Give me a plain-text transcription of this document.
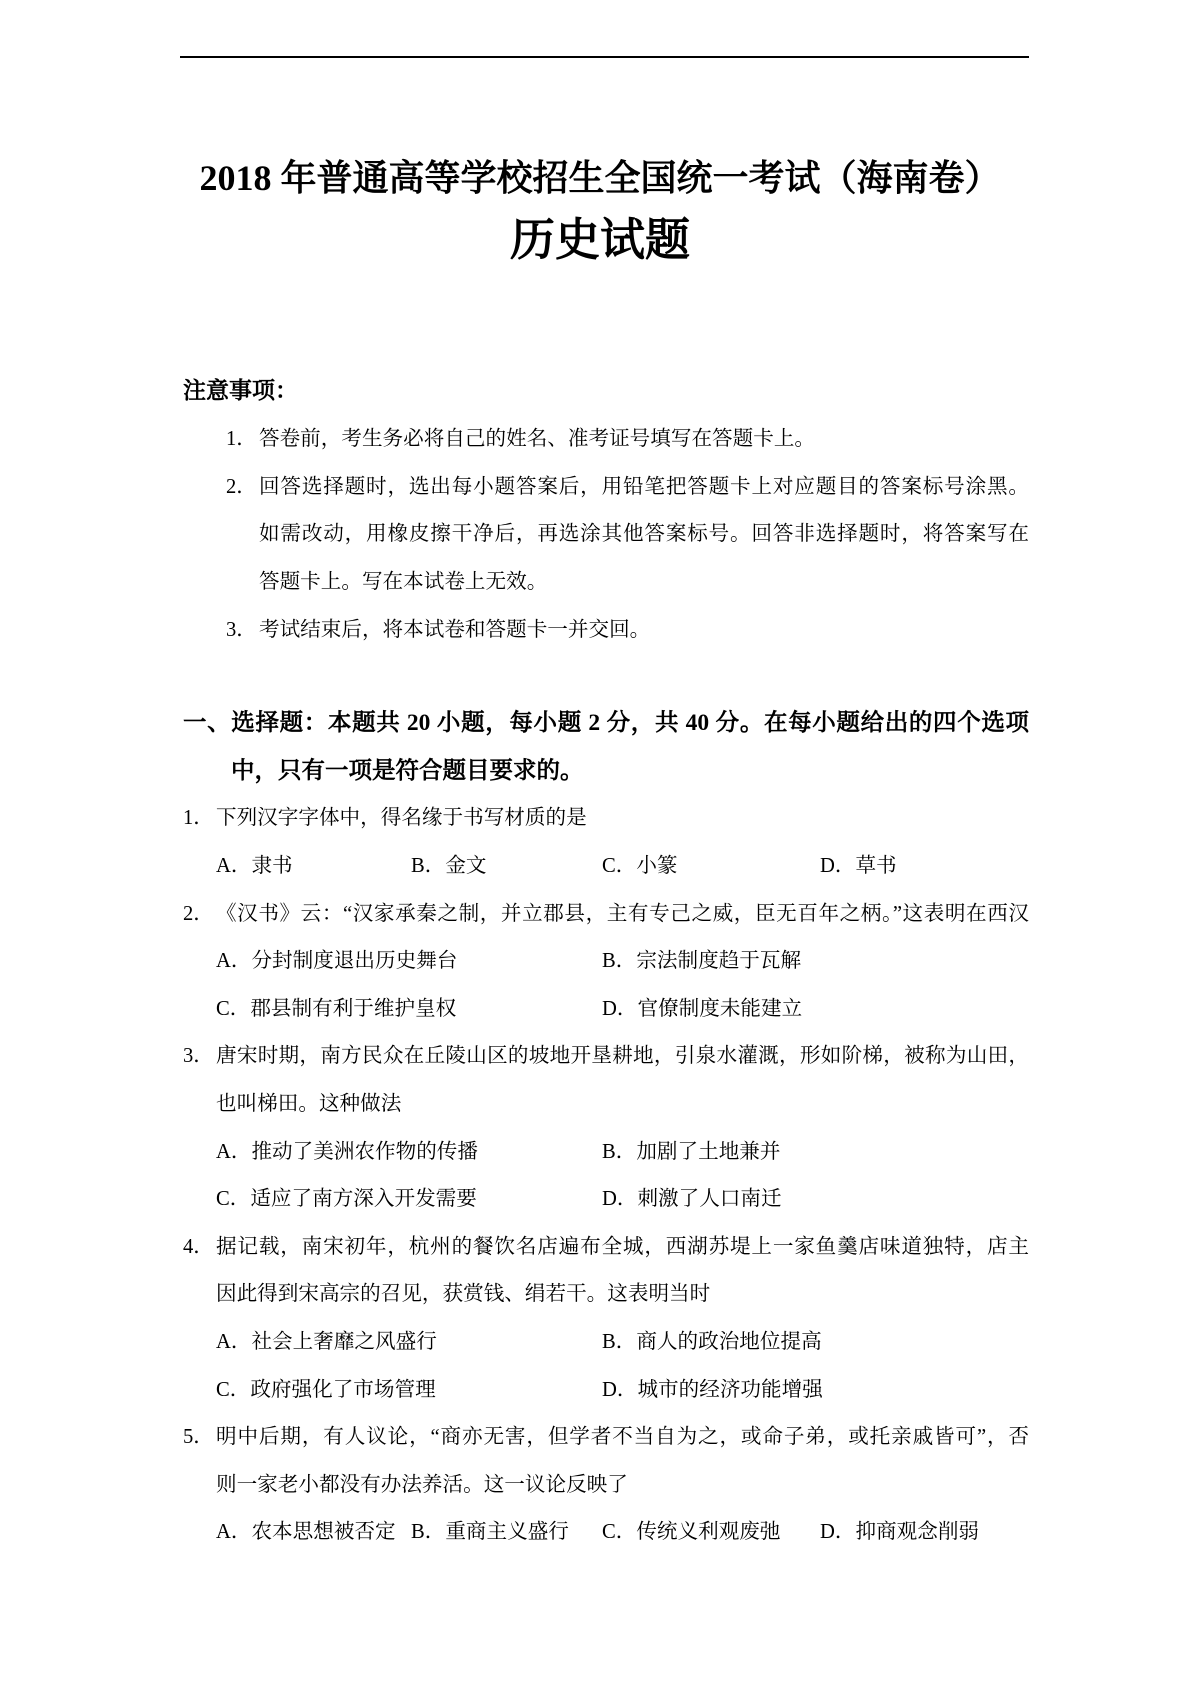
2018 年普通高等学校招生全国统一考试（海南卷）
历史试题
注意事项：
1． 答卷前，考生务必将自己的姓名、准考证号填写在答题卡上。
2． 回答选择题时，选出每小题答案后，用铅笔把答题卡上对应题目的答案标号涂黑。
如需改动，用橡皮擦干净后，再选涂其他答案标号。回答非选择题时，将答案写在
答题卡上。写在本试卷上无效。
3． 考试结束后，将本试卷和答题卡一并交回。
一、选择题：本题共 20 小题，每小题 2 分，共 40 分。在每小题给出的四个选项
中，只有一项是符合题目要求的。
1． 下列汉字字体中，得名缘于书写材质的是
A．隶书	B．金文	C．小篆	D．草书
2． 《汉书》云：“汉家承秦之制，并立郡县，主有专己之威，臣无百年之柄。”这表明在西汉
A．分封制度退出历史舞台	B．宗法制度趋于瓦解
C．郡县制有利于维护皇权	D．官僚制度未能建立
3． 唐宋时期，南方民众在丘陵山区的坡地开垦耕地，引泉水灌溉，形如阶梯，被称为山田，
也叫梯田。这种做法
A．推动了美洲农作物的传播	B．加剧了土地兼并
C．适应了南方深入开发需要	D．刺激了人口南迁
4． 据记载，南宋初年，杭州的餐饮名店遍布全城，西湖苏堤上一家鱼羹店味道独特，店主
因此得到宋高宗的召见，获赏钱、绢若干。这表明当时
A．社会上奢靡之风盛行	B．商人的政治地位提高
C．政府强化了市场管理	D．城市的经济功能增强
5． 明中后期，有人议论，“商亦无害，但学者不当自为之，或命子弟，或托亲戚皆可”，否
则一家老小都没有办法养活。这一议论反映了
A．农本思想被否定 B．重商主义盛行 C．传统义利观废弛 D．抑商观念削弱
